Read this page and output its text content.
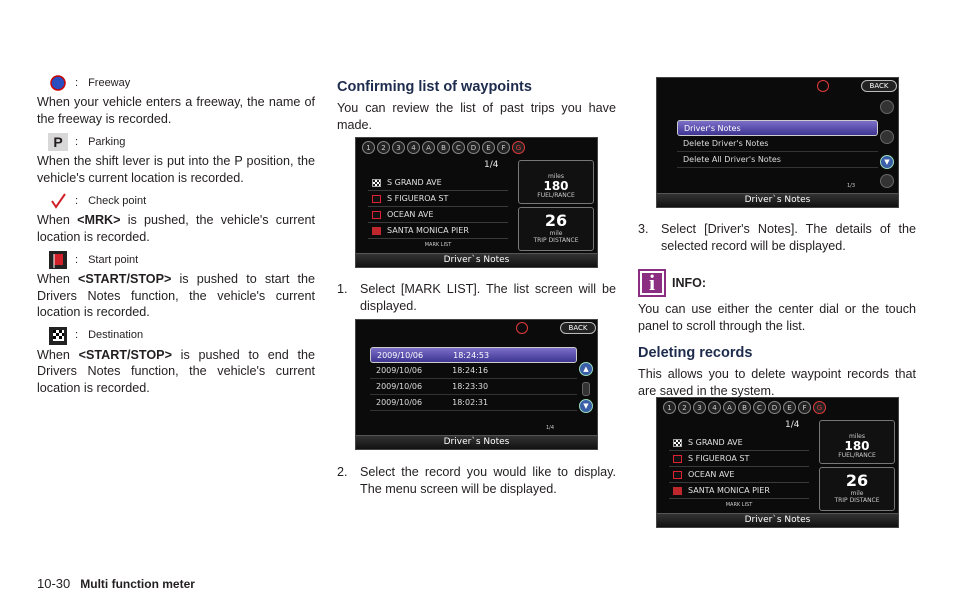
: Freeway

When your vehicle enters a freeway, the name of the freeway is recorded.

P	: Parking

When the shift lever is put into the P position, the vehicle's current location is recorded.

: Check point

When <MRK> is pushed, the vehicle's current location is recorded.

: Start point

When <START/STOP> is pushed to start the Drivers Notes function, the vehicle's current location is recorded.

: Destination

When <START/STOP> is pushed to end the Drivers Notes function, the vehicle's current location is recorded.

Confirming list of waypoints

You can review the list of past trips you have made.

1	2	3	4	A	B	C	D	E	F	G
1/4
S GRAND AVE
S FIGUEROA ST
OCEAN AVE
SANTA MONICA PIER
MARK LIST
miles
180
FUEL/RANCE
26
mile
TRIP DISTANCE
Driver`s Notes
1. Select [MARK LIST]. The list screen will be displayed.
BACK
2009/10/06	18:24:53
2009/10/06	18:24:16
2009/10/06	18:23:30
2009/10/06	18:02:31
▲
▼
1/4
Driver`s Notes
2. Select the record you would like to display. The menu screen will be displayed.
BACK
Driver's Notes
Delete Driver's Notes
Delete All Driver's Notes	▼
1/3
Driver`s Notes
3. Select [Driver's Notes]. The details of the selected record will be displayed.
i	INFO:

You can use either the center dial or the touch panel to scroll through the list.

Deleting records

This allows you to delete waypoint records that are saved in the system.

1	2	3	4	A	B	C	D	E	F	G
1/4
S GRAND AVE
S FIGUEROA ST
OCEAN AVE
SANTA MONICA PIER
MARK LIST
miles
180
FUEL/RANCE
26
mile
TRIP DISTANCE
Driver`s Notes
10-30 Multi function meter
